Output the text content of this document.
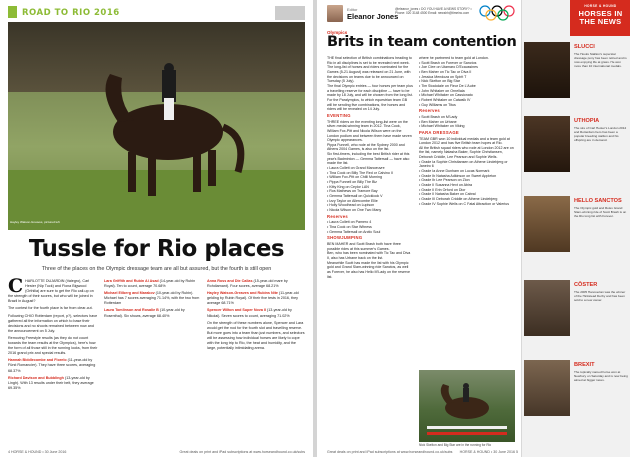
ROAD TO RIO 2016
Hayley Watson-Greaves, pictured left
Tussle for Rio places
Three of the places on the Olympic dressage team are all but assured, but the fourth is still open

CHARLOTTE DUJARDIN (Valegro), Carl Hester (Nip Tuck) and Fiona Bigwood (Orthilia) are sure to get the Rio call-up on the strength of their scores, but who will be joined in Brazil in August?

The contest for the fourth place is far from clear-cut.

Following CHIO Rotterdam (report, p?), selectors have gathered all the information on which to base their decisions and no shoots remained between now and the announcement on 5 July.

Removing Freestyle results (as they do not count towards the team results at the Olympics), here's how the form of all those still in the running looks, from their 2016 grand prix and special results.

Hannah Biddlecombe and Fiorelo (11-year-old by Fürst Romancier). They have three scores, averaging 68.37%

Richard Davison and Bubblingh (13-year-old by Lingh). With 13 results under their belt, they average 69.35%

Lara Griffith and Rubin Al Asad (14-year-old by Rubin Royal). Ten to count, average 70.68%

Michael Eilberg and Marakov (10-year-old by Rubin). Michael has 7 scores averaging 71.14%, with the two from Rotterdam

Laura Tomlinson and Rosalie B (10-year-old by Rosenthal). Six shows, average 68.40%

Anna Ross and Die Callas (15-year-old mare by Rohdiamant). Four scores, average 68.21%

Hayley Watson-Greaves and Rubins Nite (11-year-old gelding by Rubin Royal). Of their five tests in 2016, they average 68.71%

Spencer Wilton and Super Nova II (13-year-old by Nikolai). Seven scores to count, averaging 71.02%

On the strength of these numbers alone, Spencer and Lara would get the nod for the fourth slot and travelling reserve. But more goes into a team than just numbers, and selectors will be assessing how individual horses are likely to cope with the long trip to Rio, the heat and humidity, and the large, potentially intimidating arena.

4 HORSE & HOUND • 30 June 2016	Great deals on print and iPad subscriptions at www.horseandhound.co.uk/subs
Editor
Eleanor Jones
@eleanor_jones • DO YOU HAVE A NEWS STORY? • Phone: 020 3148 4500 Email: newshh@timeinc.com
Olympics
Brits in team contention

THE final selection of British combinations heading to Rio in all disciplines is set to be revealed next week.

The long-list of horses and riders nominated for the Games (5-21 August) was released on 21 June, with the decisions on teams due to be announced on Tuesday (5 July).

The final Olympic entries — four horses per team plus a travelling reserve for each discipline — have to be made by 18 July, and will be chosen from the long list.

For the Paralympics, to which equestrian team GB will be sending five combinations, the horses and riders will be revealed on 14 July.

EVENTING

THREE riders on the eventing long-list were on the silver-medal-winning team in 2012. Tina Cook, William Fox-Pitt and Nicola Wilson were on the London podium and between them have made seven Olympic appearances.

Pippa Funnell, who rode at the Sydney 2000 and Athens 2004 Games, is also on the list.

Six first-timers, including the best British rider at this year's Badminton — Gemma Tattersall — have also made the list.

• Laura Collett on Grand Manoeuvre
• Tina Cook on Billy The Red or Calvino II
• William Fox-Pitt on Chilli Morning
• Pippa Funnell on Billy The Biz
• Kitty King on Ceylor LAN
• Ros Mathews on Tramore Bay
• Gemma Tattersall on Quicklook V
• Izzy Taylor on Allercombe Ellie
• Holly Woodhead on Lupison
• Nicola Wilson on One Two Many
Reserves
• Laura Collett on Pamero 4
• Tina Cook on Star Witness
• Gemma Tattersall on Arctic Soul
SHOWJUMPING

BEN MAHER and Scott Brash both have three possible rides at this summer's Games.

Ben, who has been nominated with Tic Tac and Diva II, also has Urbane back on the list.

Meanwhile Scott has made the list with his Olympic gold and Grand Slam-winning ride Sanctos, as well as Forever, he also has Hello M'Lady on the reserve list.

where he partnered to team gold at London.

• Scott Brash on Forever or Sanctos
• Joe Clee on Utamaro D'Ecaussines
• Ben Maher on Tic Tac or Diva II
• Jessica Mendoza on Spirit T
• Nick Skelton on Big Star
• Tim Stockdale on Fleur De L'Aube
• John Whitaker on Ornellaia
• Michael Whitaker on Cassionato
• Robert Whitaker on Catwalk IV
• Guy Williams on Titus
Reserves
• Scott Brash on M'Lady
• Ben Maher on Urbane
• Michael Whitaker on Viking
PARA DRESSAGE

TEAM GBR won 10 individual medals and a team gold at London 2012 and has five British team hopes at Rio.

All the British squad riders who rode at London 2012 are on the list, namely Natasha Baker, Sophie Christiansen, Deborah Criddle, Lee Pearson and Sophie Wells.

• Grade Ia Sophie Christiansen on Athene Lindebjerg or Janeiro 6
• Grade Ia Anne Dunham on Lucas Normark
• Grade Ib Natasha Adkinson on Sweet Appleton
• Grade Ib Lee Pearson on Zion
• Grade II Susanna Hext on Abira
• Grade II Erin Orford on Dior
• Grade II Natasha Baker on Cabral
• Grade III Deborah Criddle on Athene Lindebjerg
• Grade IV Sophie Wells on C Fatal Attraction or Valerius
Nick Skelton and Big Star are in the running for Rio
HORSE & HOUND
HORSES IN THE NEWS
SLUCCI
The Hooks Stallion's superstar dressage pony has been retired and is now enjoying life at grass. He won more than 10 international medals.
UTHOPIA
The sire of Carl Hester's London 2012 and Rotterdam hero has been a popular breeding stallion and his offspring are in demand.
HELLO SANCTOS
The Olympic gold and Rolex Grand Slam-winning ride of Scott Brash is on the Rio long list with Forever.
CÔSTER
The 2005 Hanoverian was the winner of the Hickstead Derby and has been sold to a new owner.
BREXIT
The topically named horse won at Newbury on Saturday and is now being aimed at bigger races.
Great deals on print and iPad subscriptions at www.horseandhound.co.uk/subs HORSE & HOUND • 30 June 2016 5
